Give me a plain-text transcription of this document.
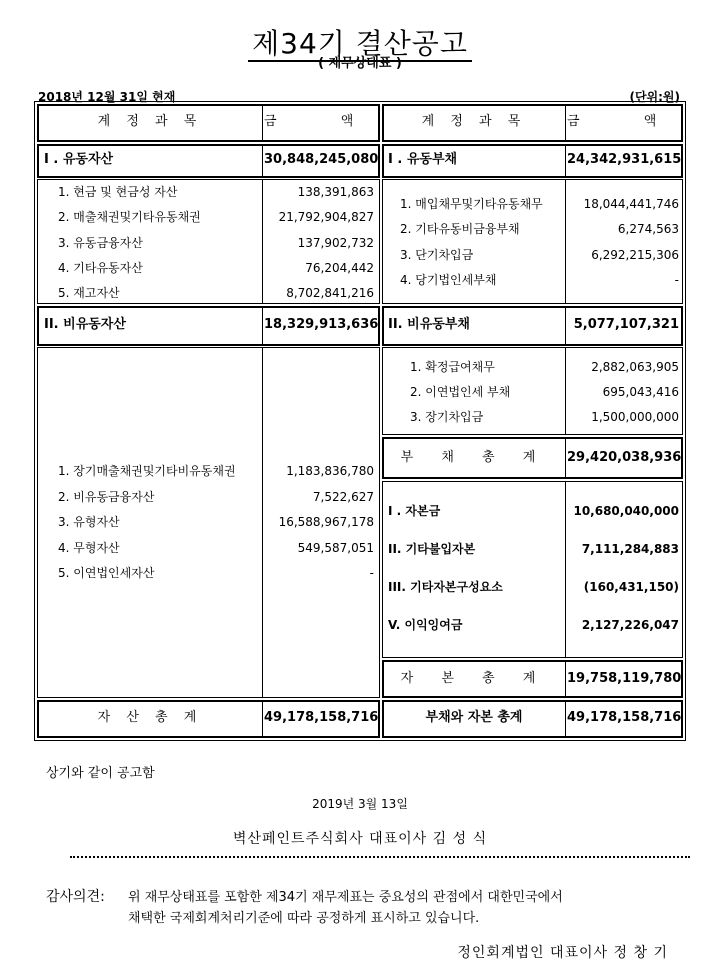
제34기 결산공고
( 재무상태표 )
2018년 12월 31일 현재	(단위:원)
계 정 과 목	금 액
I . 유동자산	30,848,245,080
1. 현금 및 현금성 자산	138,391,863
2. 매출채권및기타유동채권	21,792,904,827
3. 유동금융자산	137,902,732
4. 기타유동자산	76,204,442
5. 재고자산	8,702,841,216
II. 비유동자산	18,329,913,636
1. 장기매출채권및기타비유동채권	1,183,836,780
2. 비유동금융자산	7,522,627
3. 유형자산	16,588,967,178
4. 무형자산	549,587,051
5. 이연법인세자산	-
자 산 총 계	49,178,158,716
계 정 과 목	금 액
I . 유동부채	24,342,931,615
1. 매입채무및기타유동채무	18,044,441,746
2. 기타유동비금융부채	6,274,563
3. 단기차입금	6,292,215,306
4. 당기법인세부채	-
II. 비유동부채	5,077,107,321
1. 확정급여채무	2,882,063,905
2. 이연법인세 부채	695,043,416
3. 장기차입금	1,500,000,000
부 채 총 계	29,420,038,936
I . 자본금	10,680,040,000
II. 기타불입자본	7,111,284,883
III. 기타자본구성요소	(160,431,150)
V. 이익잉여금	2,127,226,047
자 본 총 계	19,758,119,780
부채와 자본 총계	49,178,158,716
상기와 같이 공고함
2019년 3월 13일
벽산페인트주식회사 대표이사 김 성 식
감사의견: 위 재무상태표를 포함한 제34기 재무제표는 중요성의 관점에서 대한민국에서
채택한 국제회계처리기준에 따라 공정하게 표시하고 있습니다.
정인회계법인 대표이사 정 창 기
